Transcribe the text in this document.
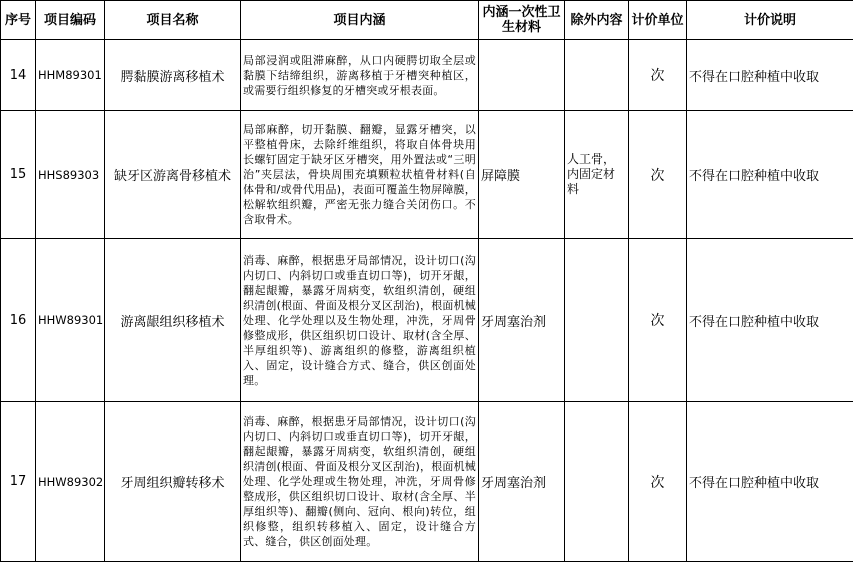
序号	项目编码	项目名称	项目内涵	内涵一次性卫生材料	除外内容	计价单位	计价说明
14	HHM89301	腭黏膜游离移植术	局部浸润或阻滞麻醉，从口内硬腭切取全层或黏膜下结缔组织，游离移植于牙槽突种植区，或需要行组织修复的牙槽突或牙根表面。			次	不得在口腔种植中收取
15	HHS89303	缺牙区游离骨移植术	局部麻醉，切开黏膜、翻瓣，显露牙槽突，以平整植骨床，去除纤维组织，将取自体骨块用长螺钉固定于缺牙区牙槽突，用外置法或“三明治”夹层法，骨块周围充填颗粒状植骨材料(自体骨和/或骨代用品)，表面可覆盖生物屏障膜，松解软组织瓣，严密无张力缝合关闭伤口。不含取骨术。	屏障膜	人工骨，内固定材料	次	不得在口腔种植中收取
16	HHW89301	游离龈组织移植术	消毒、麻醉，根据患牙局部情况，设计切口(沟内切口、内斜切口或垂直切口等)，切开牙龈，翻起龈瓣，暴露牙周病变，软组织清创，硬组织清创(根面、骨面及根分叉区刮治)，根面机械处理、化学处理以及生物处理，冲洗，牙周骨修整成形，供区组织切口设计、取材(含全厚、半厚组织等)、游离组织的修整，游离组织植入、固定，设计缝合方式、缝合，供区创面处理。	牙周塞治剂		次	不得在口腔种植中收取
17	HHW89302	牙周组织瓣转移术	消毒、麻醉，根据患牙局部情况，设计切口(沟内切口、内斜切口或垂直切口等)，切开牙龈，翻起龈瓣，暴露牙周病变，软组织清创，硬组织清创(根面、骨面及根分叉区刮治)，根面机械处理、化学处理或生物处理，冲洗，牙周骨修整成形，供区组织切口设计、取材(含全厚、半厚组织等)、翻瓣(侧向、冠向、根向)转位，组织修整，组织转移植入、固定，设计缝合方式、缝合，供区创面处理。	牙周塞治剂		次	不得在口腔种植中收取
